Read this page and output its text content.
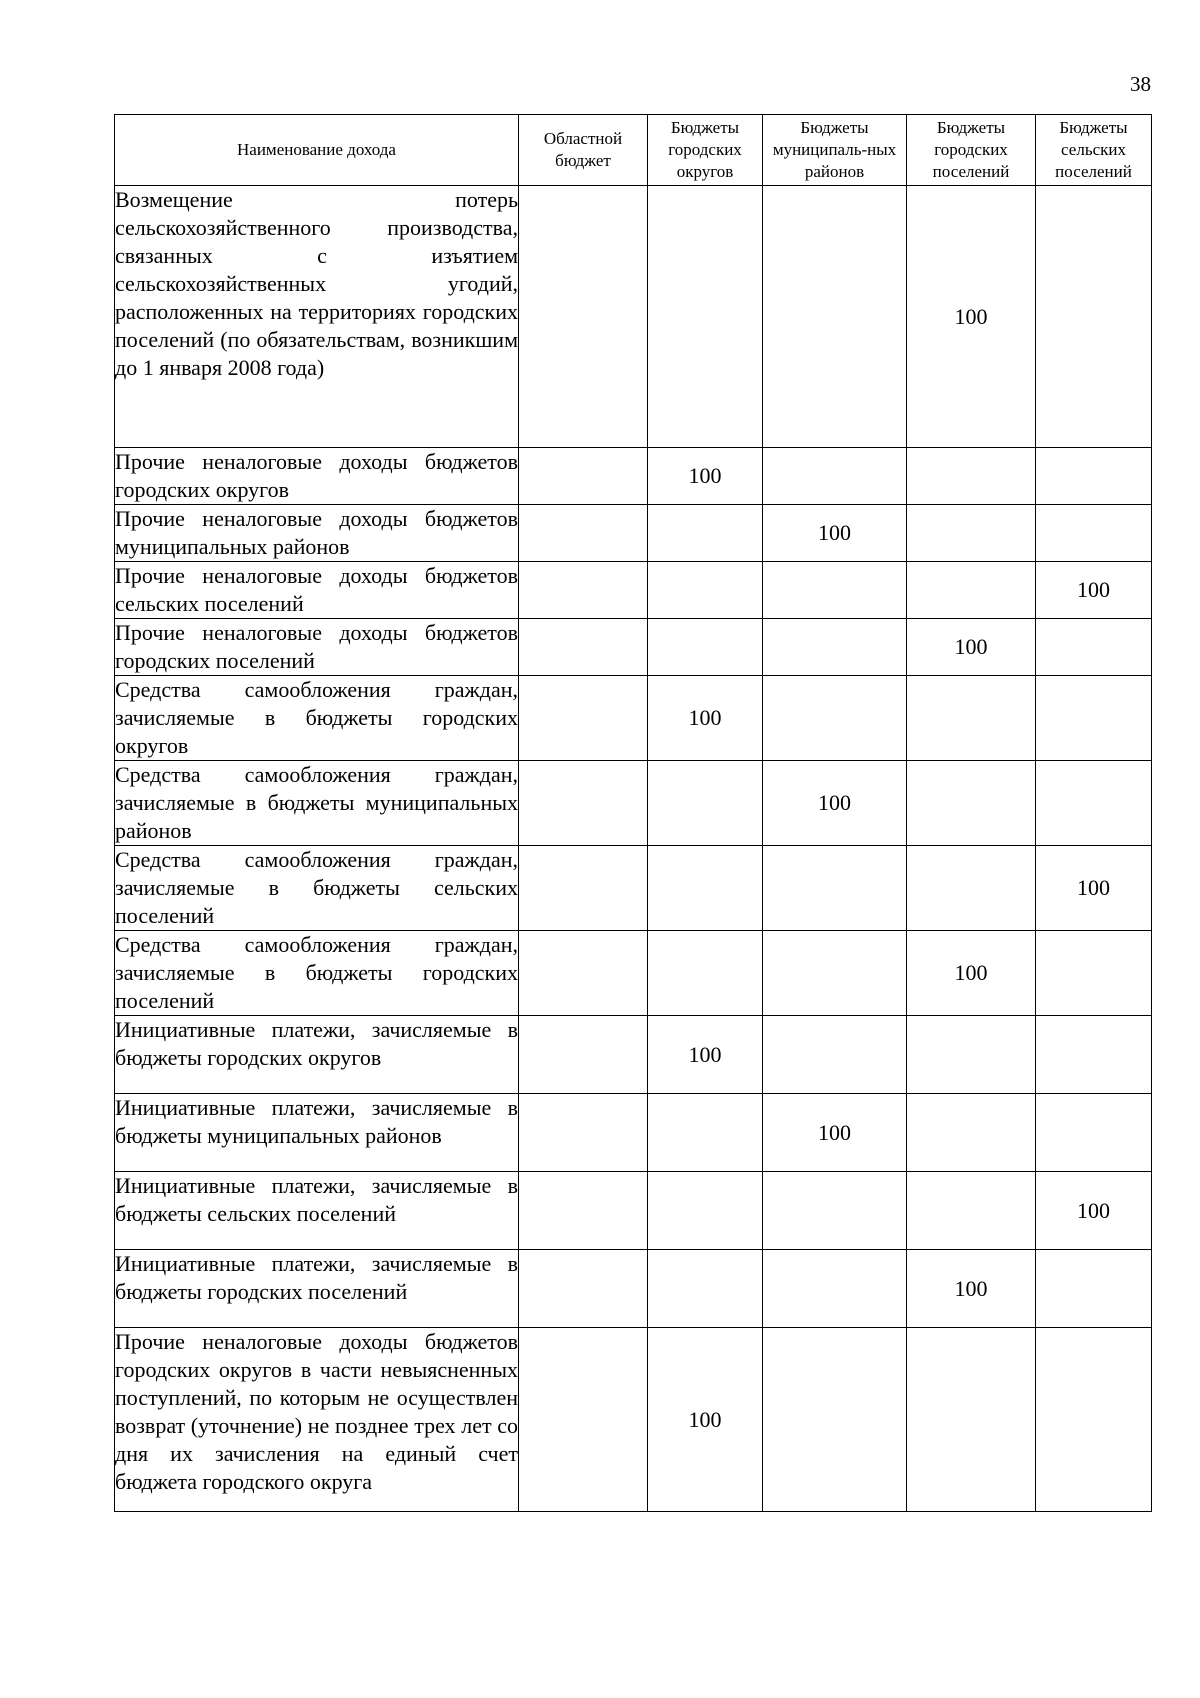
38
Наименование дохода	Областной бюджет	Бюджеты городских округов	Бюджеты муниципаль-ных районов	Бюджеты городских поселений	Бюджеты сельских поселений
Возмещение потерь сельскохозяйственного производства, связанных с изъятием сельскохозяйственных угодий, расположенных на территориях городских поселений (по обязательствам, возникшим до 1 января 2008 года)				100	
Прочие неналоговые доходы бюджетов городских округов		100			
Прочие неналоговые доходы бюджетов муниципальных районов			100		
Прочие неналоговые доходы бюджетов сельских поселений					100
Прочие неналоговые доходы бюджетов городских поселений				100	
Средства самообложения граждан, зачисляемые в бюджеты городских округов		100			
Средства самообложения граждан, зачисляемые в бюджеты муниципальных районов			100		
Средства самообложения граждан, зачисляемые в бюджеты сельских поселений					100
Средства самообложения граждан, зачисляемые в бюджеты городских поселений				100	
Инициативные платежи, зачисляемые в бюджеты городских округов		100			
Инициативные платежи, зачисляемые в бюджеты муниципальных районов			100		
Инициативные платежи, зачисляемые в бюджеты сельских поселений					100
Инициативные платежи, зачисляемые в бюджеты городских поселений				100	
Прочие неналоговые доходы бюджетов городских округов в части невыясненных поступлений, по которым не осуществлен возврат (уточнение) не позднее трех лет со дня их зачисления на единый счет бюджета городского округа		100			
